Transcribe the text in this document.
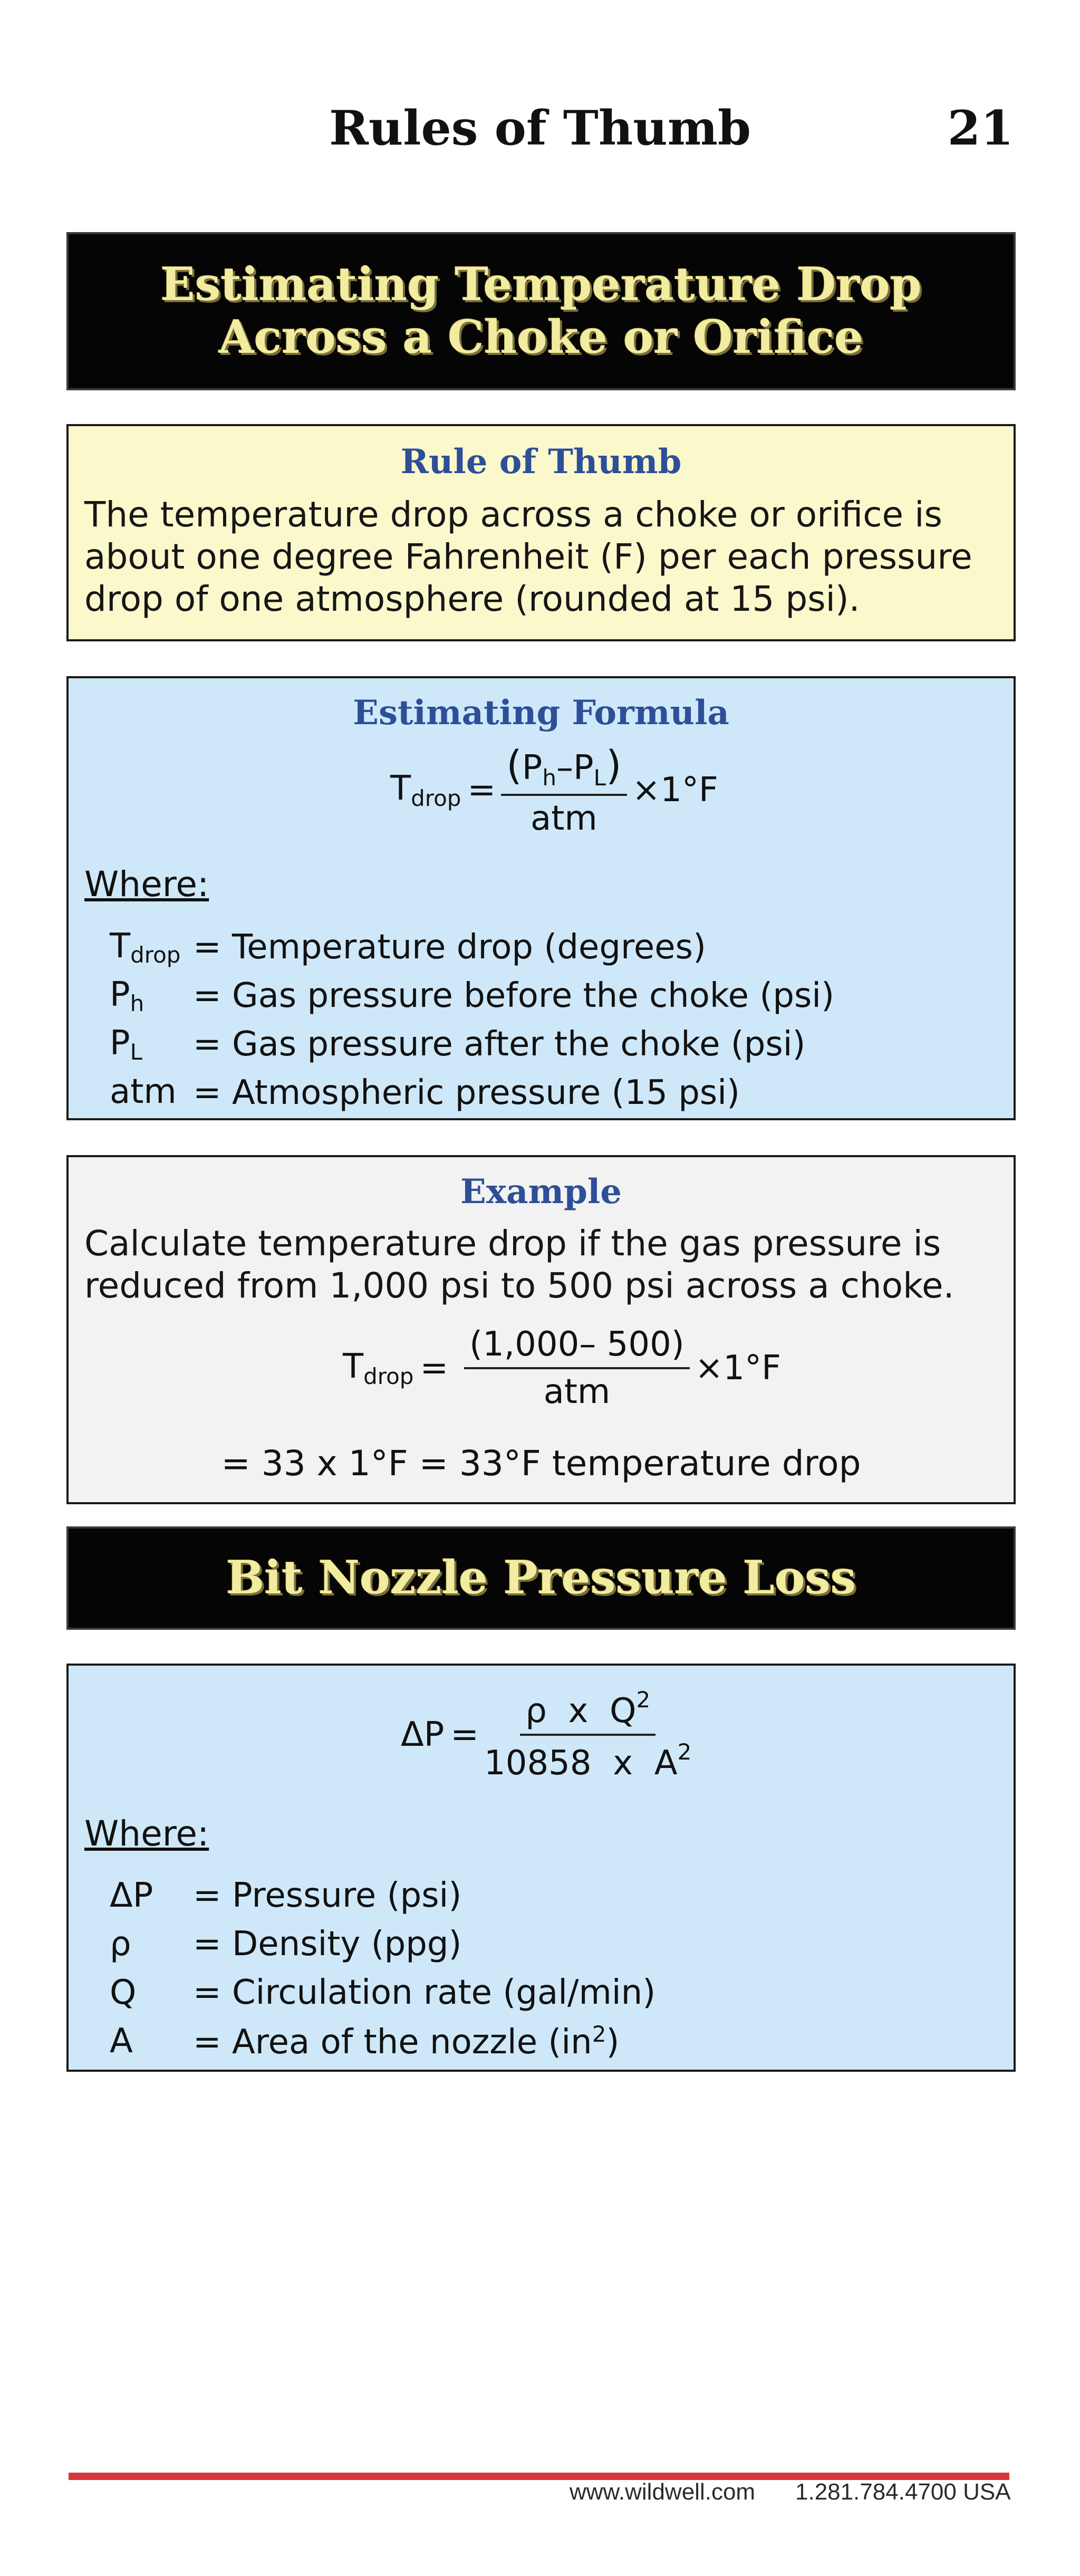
Rules of Thumb	21
Estimating Temperature Drop
Across a Choke or Orifice
Rule of Thumb
The temperature drop across a choke or orifice is
about one degree Fahrenheit (F) per each pressure
drop of one atmosphere (rounded at 15 psi).
Estimating Formula
$T_{drop} = \frac{(P_h-P_L)}{\text{atm}} \times 1^\circ F$
Where:
$T_{drop}$ = Temperature drop (degrees)
$P_h$	= Gas pressure before the choke (psi)
$P_L$	= Gas pressure after the choke (psi)
atm = Atmospheric pressure (15 psi)
Example
Calculate temperature drop if the gas pressure is
reduced from 1,000 psi to 500 psi across a choke.
$T_{drop} = \frac{(1,000- 500)}{\text{atm}} \times 1^\circ F$
= 33 x 1°F = 33°F temperature drop
Bit Nozzle Pressure Loss
$\Delta P = \frac{\rho x Q^2}{10858 x A^2}$
Where:
ΔP	= Pressure (psi)
ρ	= Density (ppg)
Q	= Circulation rate (gal/min)
A	= Area of the nozzle $(in^2)$
www.wildwell.com 1.281.784.4700 USA
